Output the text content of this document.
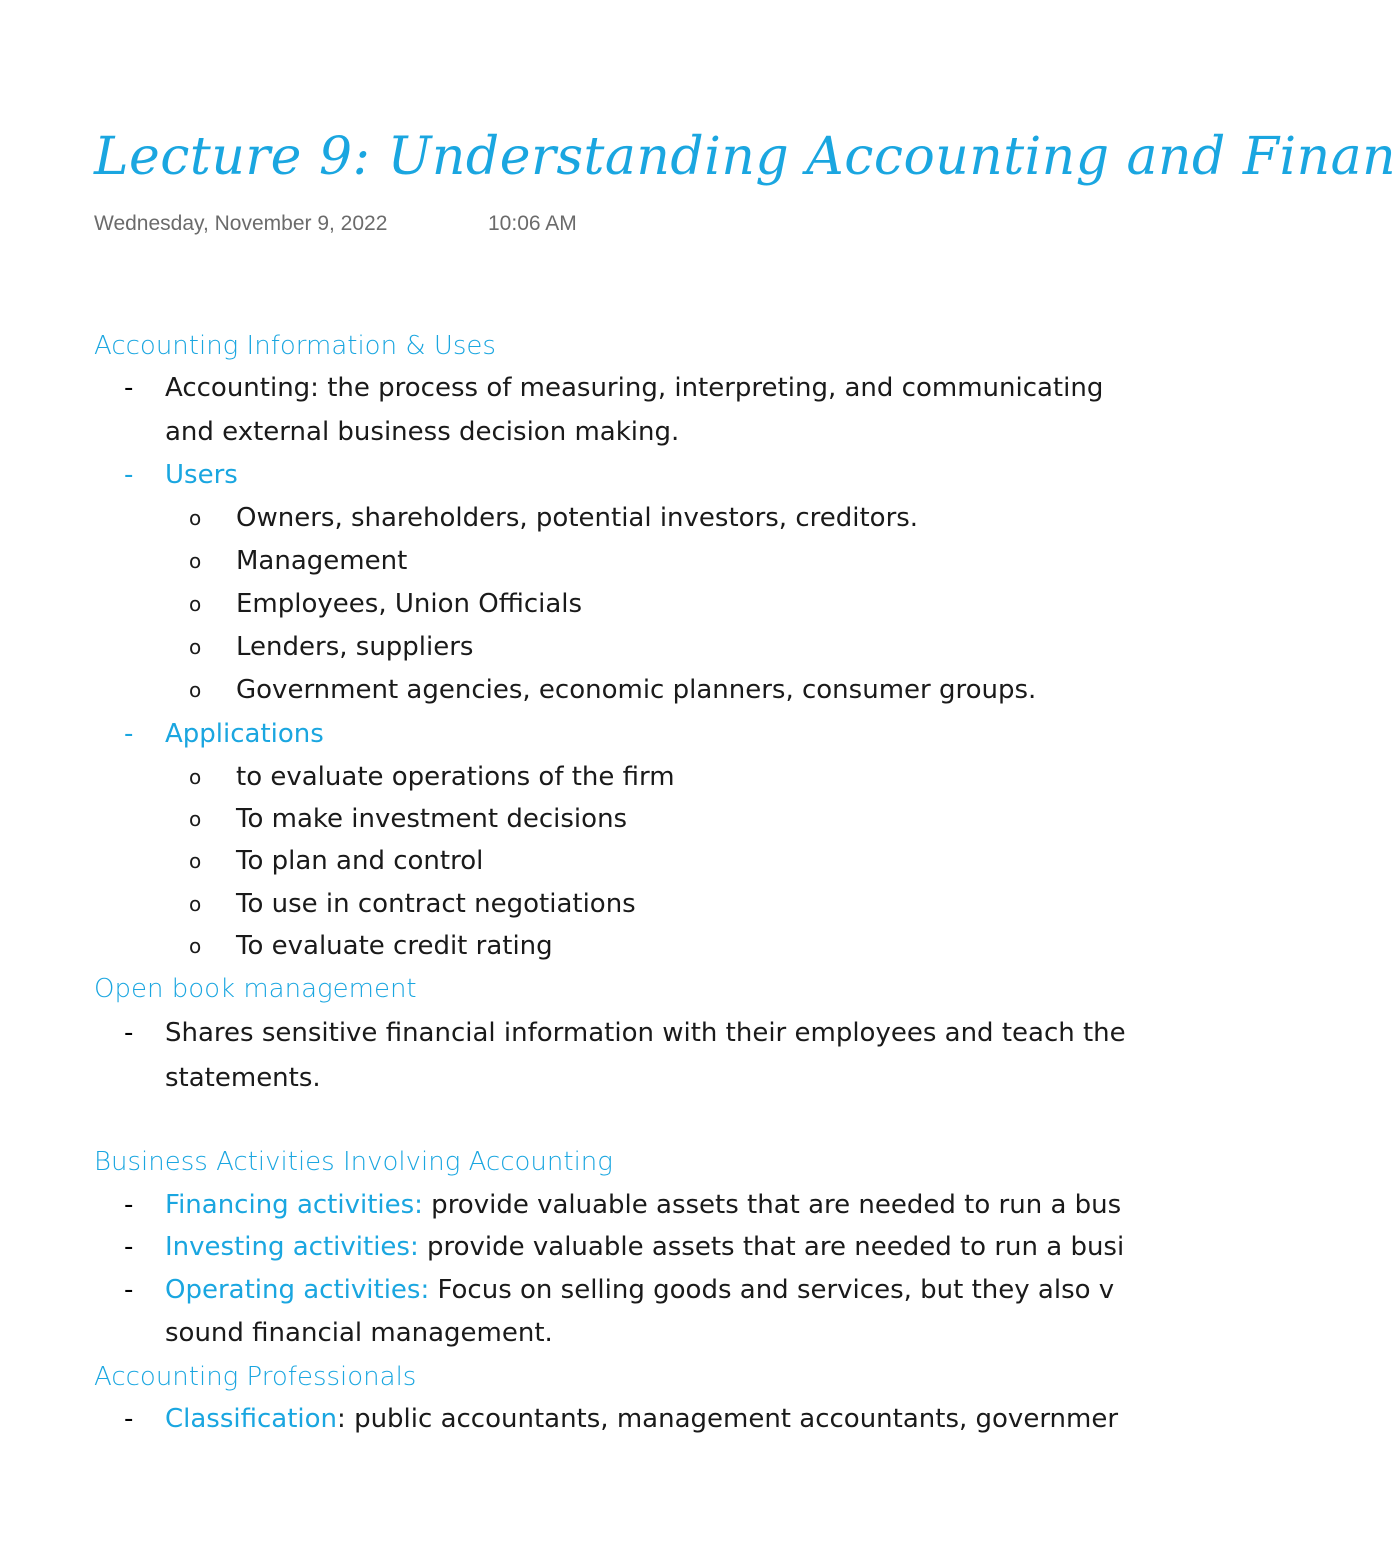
Lecture 9: Understanding Accounting and Finan
Wednesday, November 9, 2022	10:06 AM
Accounting Information & Uses
-	Accounting: the process of measuring, interpreting, and communicating
and external business decision making.
-	Users
o Owners, shareholders, potential investors, creditors.
o Management
o Employees, Union Officials
o Lenders, suppliers
o Government agencies, economic planners, consumer groups.
-	Applications
o to evaluate operations of the firm
o To make investment decisions
o To plan and control
o To use in contract negotiations
o To evaluate credit rating
Open book management
-	Shares sensitive financial information with their employees and teach the
statements.
Business Activities Involving Accounting
-	Financing activities: provide valuable assets that are needed to run a bus
-	Investing activities: provide valuable assets that are needed to run a busi
-	Operating activities: Focus on selling goods and services, but they also v
sound financial management.
Accounting Professionals
-	Classification: public accountants, management accountants, governmer
